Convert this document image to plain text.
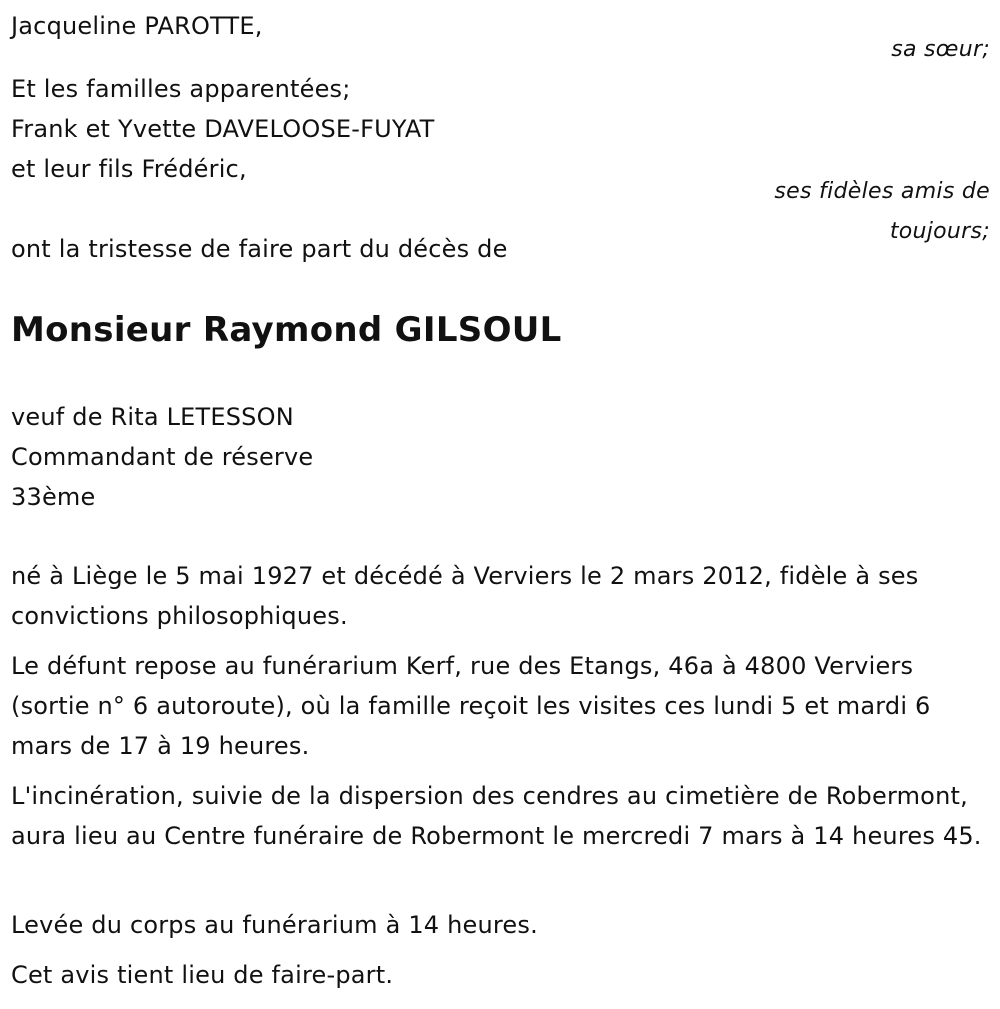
Jacqueline PAROTTE,
sa sœur;
Et les familles apparentées;
Frank et Yvette DAVELOOSE-FUYAT
et leur fils Frédéric,
ses fidèles amis de
toujours;
ont la tristesse de faire part du décès de
Monsieur Raymond GILSOUL
veuf de Rita LETESSON
Commandant de réserve
33ème
né à Liège le 5 mai 1927 et décédé à Verviers le 2 mars 2012, fidèle à ses convictions philosophiques.
Le défunt repose au funérarium Kerf, rue des Etangs, 46a à 4800 Verviers (sortie n° 6 autoroute), où la famille reçoit les visites ces lundi 5 et mardi 6 mars de 17 à 19 heures.
L'incinération, suivie de la dispersion des cendres au cimetière de Robermont, aura lieu au Centre funéraire de Robermont le mercredi 7 mars à 14 heures 45.
Levée du corps au funérarium à 14 heures.
Cet avis tient lieu de faire-part.
